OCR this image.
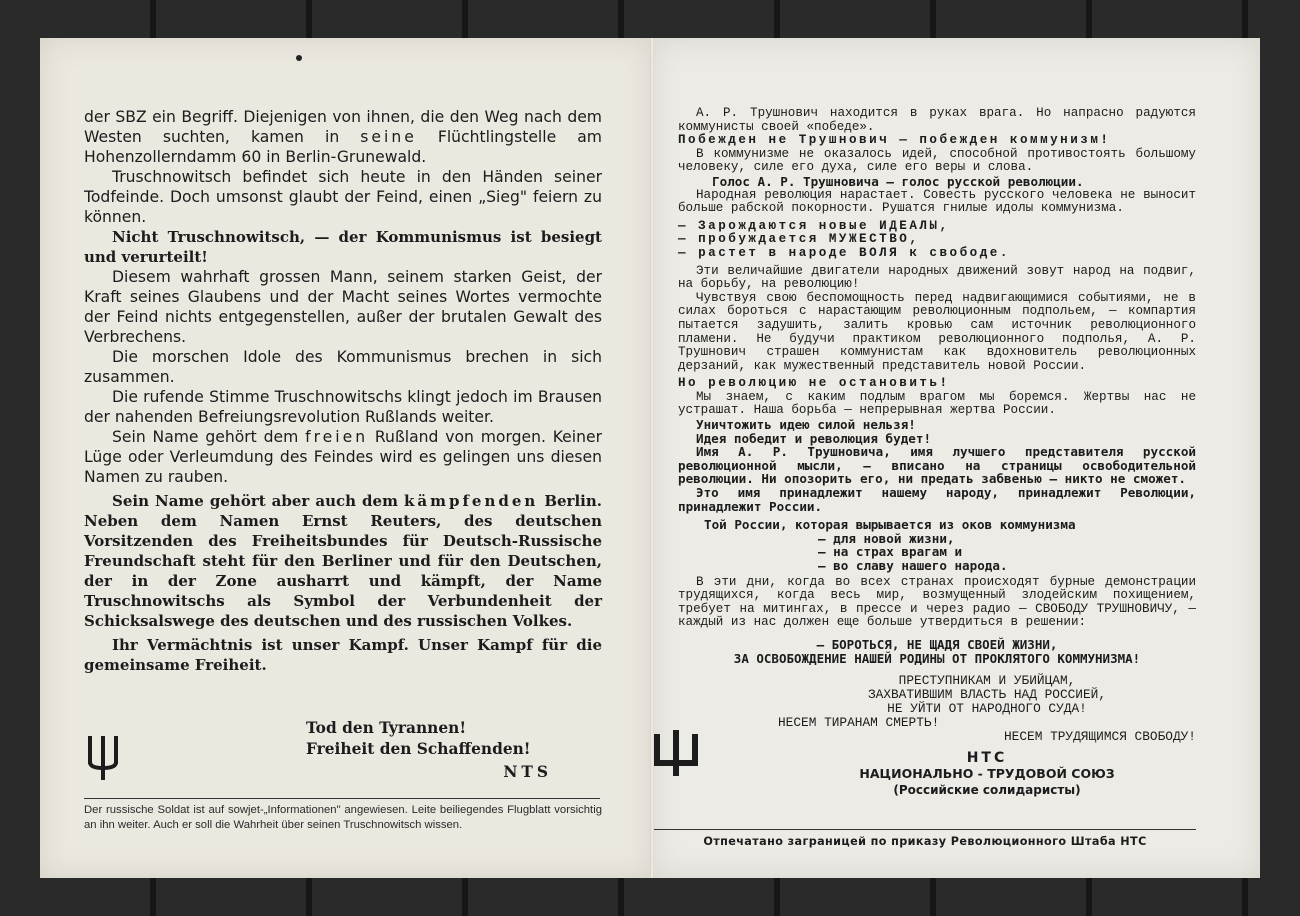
der SBZ ein Begriff. Diejenigen von ihnen, die den Weg nach dem Westen suchten, kamen in seine Flüchtlingstelle am Hohenzollerndamm 60 in Berlin-Grunewald.

Truschnowitsch befindet sich heute in den Händen seiner Todfeinde. Doch umsonst glaubt der Feind, einen „Sieg" feiern zu können.

Nicht Truschnowitsch, — der Kommunismus ist besiegt und verurteilt!

Diesem wahrhaft grossen Mann, seinem starken Geist, der Kraft seines Glaubens und der Macht seines Wortes vermochte der Feind nichts entgegenstellen, außer der brutalen Gewalt des Verbrechens.

Die morschen Idole des Kommunismus brechen in sich zusammen.

Die rufende Stimme Truschnowitschs klingt jedoch im Brausen der nahenden Befreiungsrevolution Rußlands weiter.

Sein Name gehört dem freien Rußland von morgen. Keiner Lüge oder Verleumdung des Feindes wird es gelingen uns diesen Namen zu rauben.

Sein Name gehört aber auch dem kämpfenden Berlin. Neben dem Namen Ernst Reuters, des deutschen Vorsitzenden des Freiheitsbundes für Deutsch-Russische Freundschaft steht für den Berliner und für den Deutschen, der in der Zone ausharrt und kämpft, der Name Truschnowitschs als Symbol der Verbundenheit der Schicksalswege des deutschen und des russischen Volkes.

Ihr Vermächtnis ist unser Kampf. Unser Kampf für die gemeinsame Freiheit.

Tod den Tyrannen!
Freiheit den Schaffenden!
NTS
Der russische Soldat ist auf sowjet-„Informationen" angewiesen. Leite beiliegendes Flugblatt vorsichtig an ihn weiter. Auch er soll die Wahrheit über seinen Truschnowitsch wissen.

А. Р. Трушнович находится в руках врага. Но напрасно радуются коммунисты своей «победе».

Побежден не Трушнович — побежден коммунизм!

В коммунизме не оказалось идей, способной противостоять большому человеку, силе его духа, силе его веры и слова.

Голос А. Р. Трушновича — голос русской революции.

Народная революция нарастает. Совесть русского человека не выносит больше рабской покорности. Рушатся гнилые идолы коммунизма.

— Зарождаются новые ИДЕАЛЫ,
— пробуждается МУЖЕСТВО,
— растет в народе ВОЛЯ к свободе.

Эти величайшие двигатели народных движений зовут народ на подвиг, на борьбу, на революцию!

Чувствуя свою беспомощность перед надвигающимися событиями, не в силах бороться с нарастающим революционным подпольем, — компартия пытается задушить, залить кровью сам источник революционного пламени. Не будучи практиком революционного подполья, А. Р. Трушнович страшен коммунистам как вдохновитель революционных дерзаний, как мужественный представитель новой России.

Но революцию не остановить!

Мы знаем, с каким подлым врагом мы боремся. Жертвы нас не устрашат. Наша борьба — непрерывная жертва России.

Уничтожить идею силой нельзя!

Идея победит и революция будет!

Имя А. Р. Трушновича, имя лучшего представителя русской революционной мысли, — вписано на страницы освободительной революции. Ни опозорить его, ни предать забвенью — никто не сможет.

Это имя принадлежит нашему народу, принадлежит Революции, принадлежит России.

Той России, которая вырывается из оков коммунизма

— для новой жизни,
— на страх врагам и
— во славу нашего народа.

В эти дни, когда во всех странах происходят бурные демонстрации трудящихся, когда весь мир, возмущенный злодейским похищением, требует на митингах, в прессе и через радио — СВОБОДУ ТРУШНОВИЧУ, — каждый из нас должен еще больше утвердиться в решении:

— БОРОТЬСЯ, НЕ ЩАДЯ СВОЕЙ ЖИЗНИ,
ЗА ОСВОБОЖДЕНИЕ НАШЕЙ РОДИНЫ ОТ ПРОКЛЯТОГО КОММУНИЗМА!
ПРЕСТУПНИКАМ И УБИЙЦАМ,
ЗАХВАТИВШИМ ВЛАСТЬ НАД РОССИЕЙ,
НЕ УЙТИ ОТ НАРОДНОГО СУДА!
НЕСЕМ ТИРАНАМ СМЕРТЬ!
НЕСЕМ ТРУДЯЩИМСЯ СВОБОДУ!
НТС
НАЦИОНАЛЬНО - ТРУДОВОЙ СОЮЗ
(Российские солидаристы)
Отпечатано заграницей по приказу Революционного Штаба НТС
